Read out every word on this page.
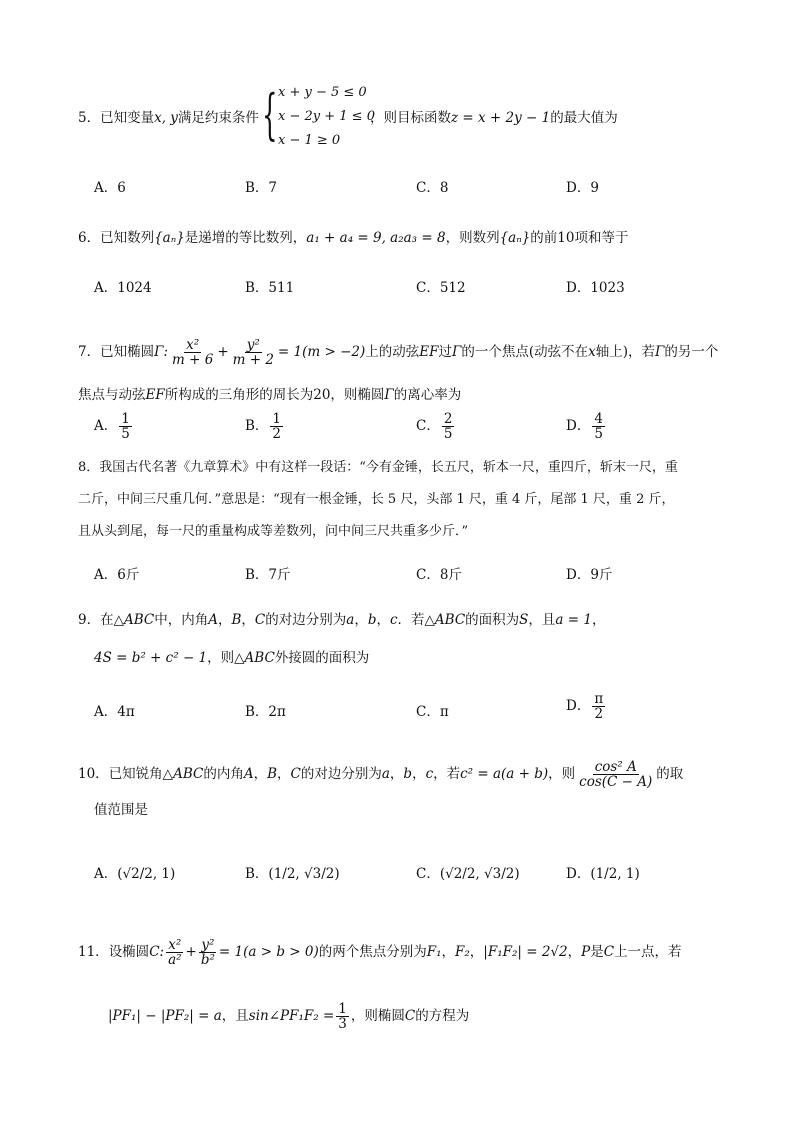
5．已知变量x, y满足约束条件 { x + y − 5 ≤ 0
x − 2y + 1 ≤ 0
x − 1 ≥ 0
，则目标函数z = x + 2y − 1的最大值为
A．6	B．7	C．8	D．9
6．已知数列{aₙ}是递增的等比数列，a₁ + a₄ = 9, a₂a₃ = 8，则数列{aₙ}的前10项和等于
A．1024	B．511	C．512	D．1023
7．已知椭圆Γ: $\frac{\text{x²}}{m + 6} + \frac{\text{y²}}{m + 2} = 1(m > -2)$上的动弦EF过Γ的一个焦点(动弦不在x轴上)，若Γ的另一个
焦点与动弦EF所构成的三角形的周长为20，则椭圆Γ的离心率为
A． $\frac{1}{5}$	B． $\frac{1}{2}$	C． $\frac{2}{5}$	D． $\frac{4}{5}$
8．我国古代名著《九章算术》中有这样一段话：“今有金锤，长五尺，斩本一尺，重四斤，斩末一尺，重
二斤，中间三尺重几何．”意思是：“现有一根金锤，长 5 尺，头部 1 尺，重 4 斤，尾部 1 尺，重 2 斤，
且从头到尾，每一尺的重量构成等差数列，问中间三尺共重多少斤．”
A．6斤	B．7斤	C．8斤	D．9斤
9．在△ABC中，内角A，B，C的对边分别为a，b，c．若△ABC的面积为S，且a = 1，
4S = b² + c² − 1，则△ABC外接圆的面积为
A．4π	B．2π	C．π	D． $\frac{\pi}{2}$
10．已知锐角△ABC的内角A，B，C的对边分别为a，b，c，若c² = a(a + b)，则 $\frac{\text{cos² A}}{\cos(C - A)}$ 的取
值范围是
A．(√2/2, 1)	B．(1/2, √3/2)	C．(√2/2, √3/2)	D．(1/2, 1)
11．设椭圆C: $\frac{\text{x²}}{\text{a²}} + \frac{\text{y²}}{\text{b²}} = 1(a > b > 0)$的两个焦点分别为F₁，F₂，|F₁F₂| = 2√2，P是C上一点，若
|PF₁| − |PF₂| = a，且sin∠PF₁F₂ = $\frac{1}{3}$ ，则椭圆C的方程为
